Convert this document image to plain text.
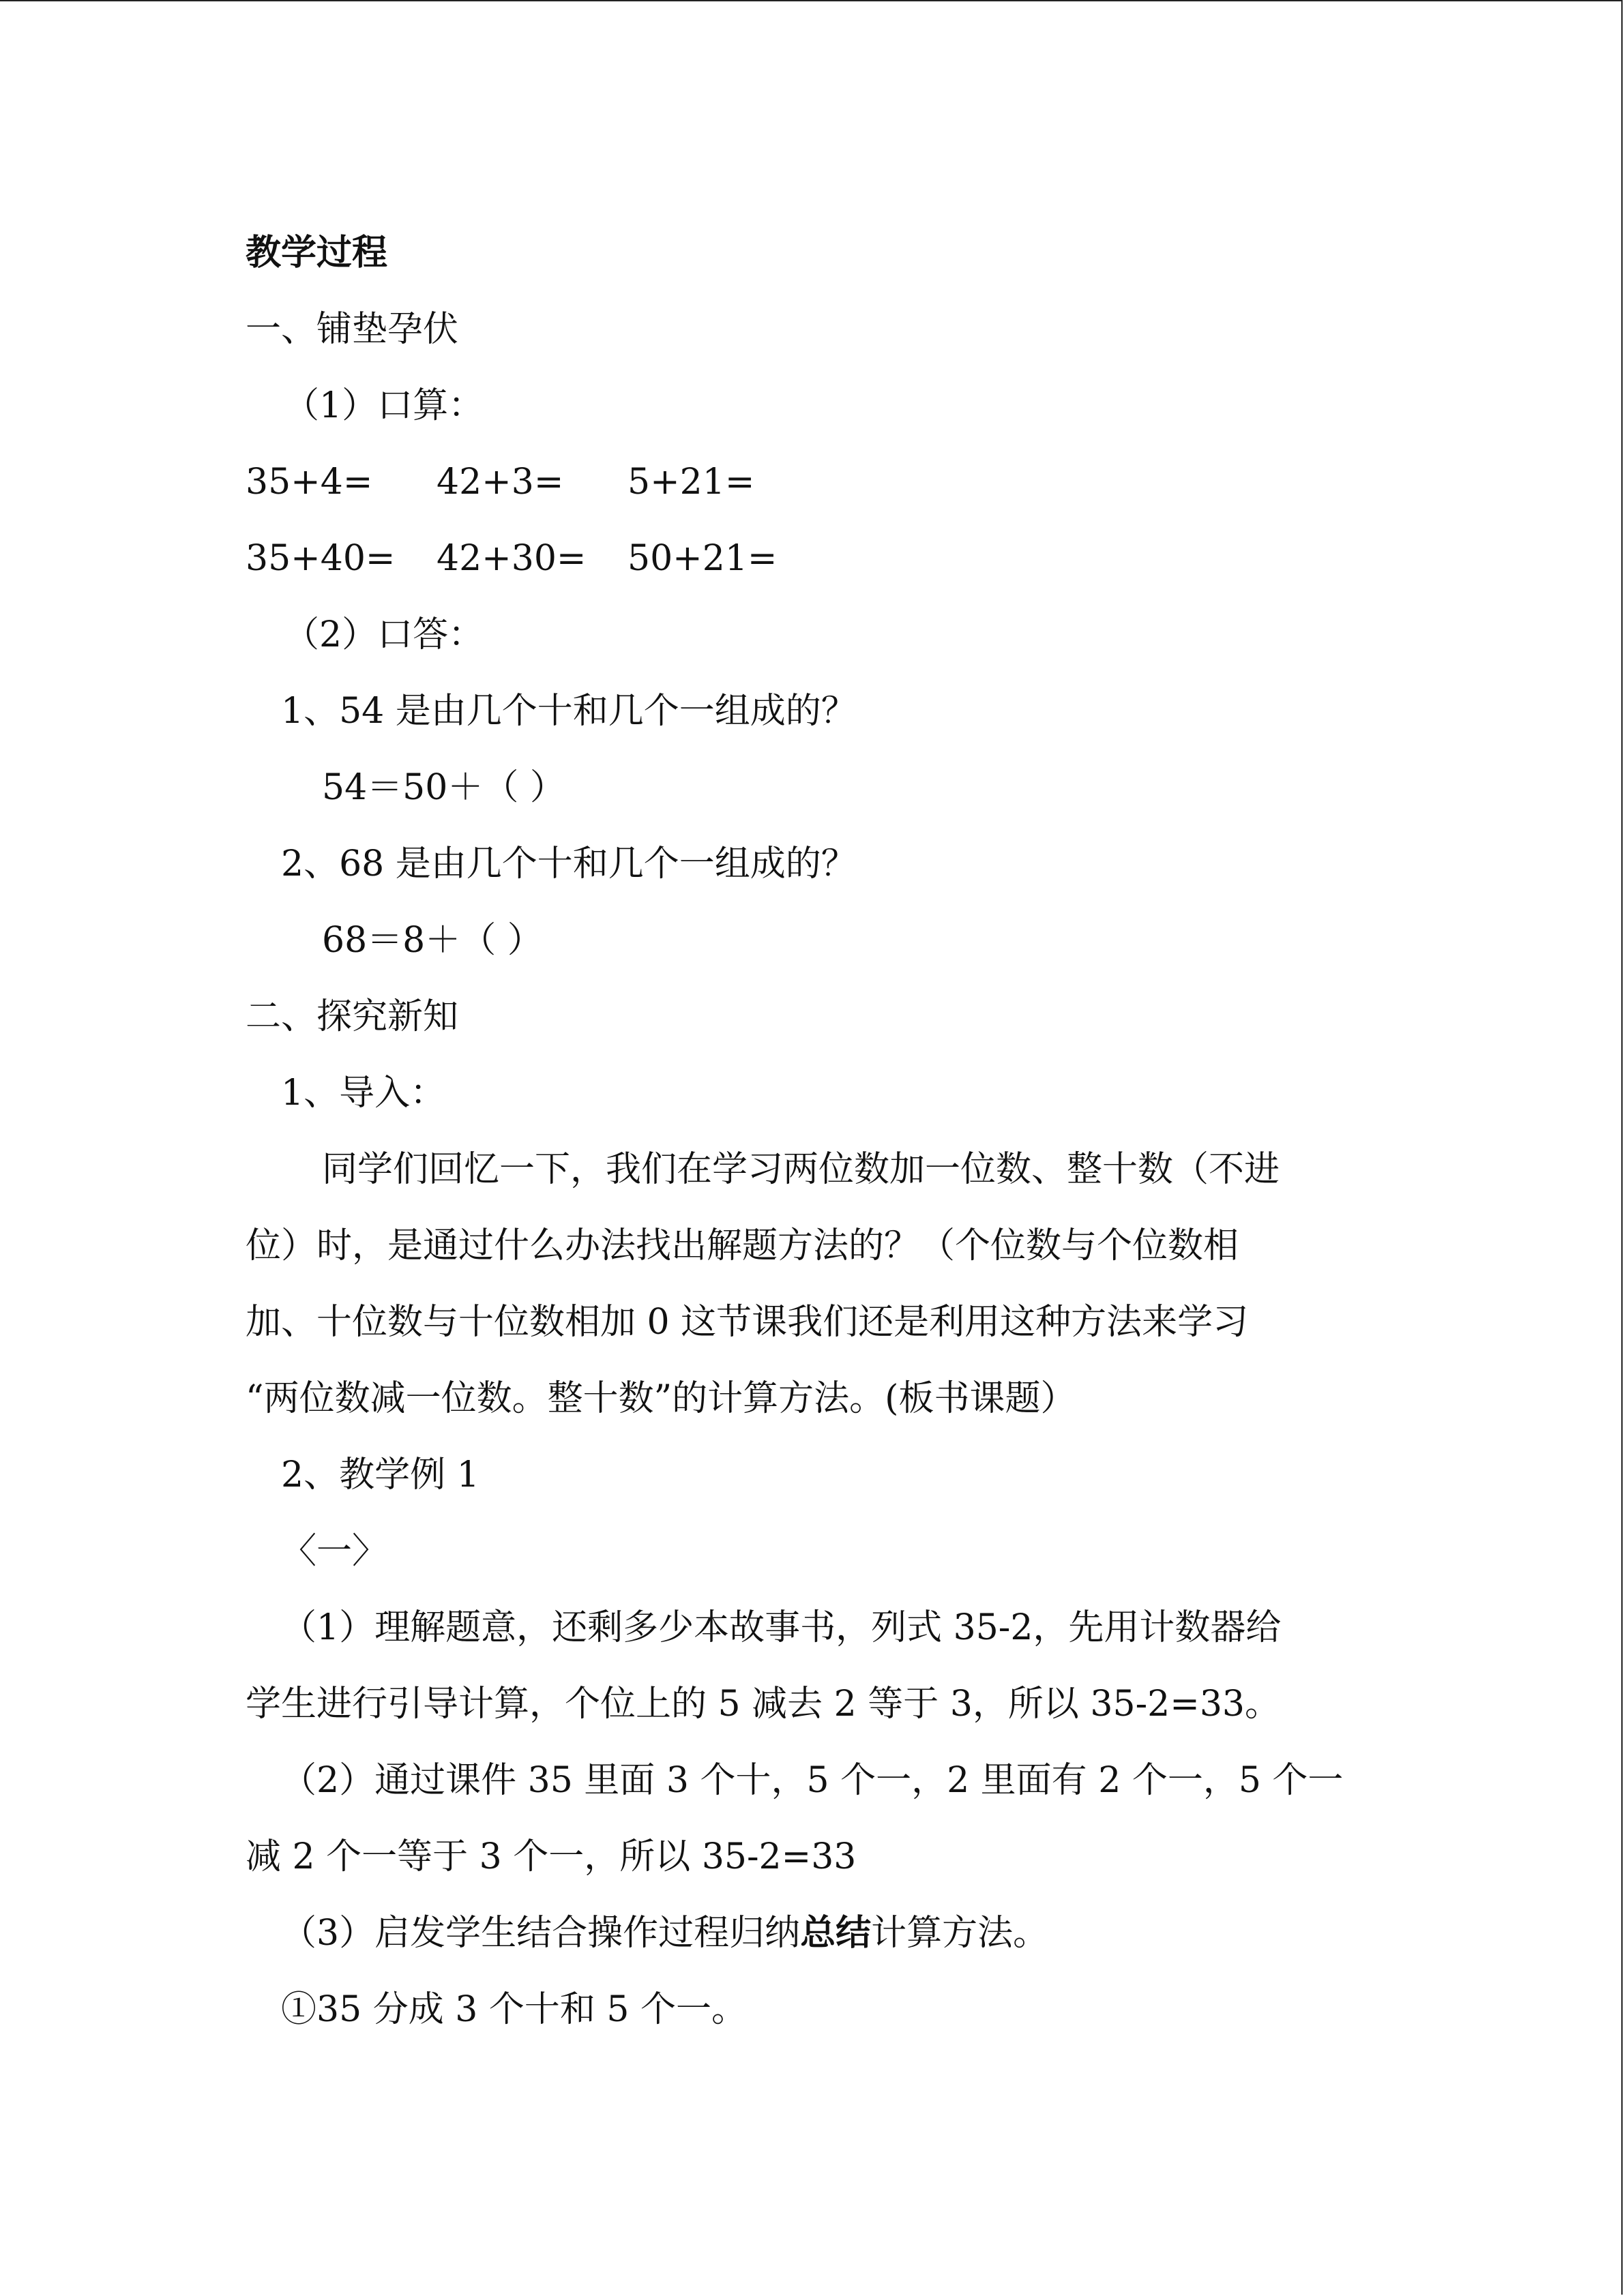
教学过程
一、铺垫孕伏
（1）口算：
35+4=	42+3=	5+21=
35+40=	42+30=	50+21=
（2）口答：
1、54 是由几个十和几个一组成的？
54＝50＋（ ）
2、68 是由几个十和几个一组成的？
68＝8＋（ ）
二、探究新知
1、导入：
同学们回忆一下，我们在学习两位数加一位数、整十数（不进
位）时，是通过什么办法找出解题方法的？（个位数与个位数相
加、十位数与十位数相加 0 这节课我们还是利用这种方法来学习
“两位数减一位数。整十数”的计算方法。(板书课题）
2、教学例 1
〈一〉
（1）理解题意，还剩多少本故事书，列式 35-2，先用计数器给
学生进行引导计算，个位上的 5 减去 2 等于 3，所以 35-2=33。
（2）通过课件 35 里面 3 个十，5 个一，2 里面有 2 个一，5 个一
减 2 个一等于 3 个一，所以 35-2=33
（3）启发学生结合操作过程归纳总结计算方法。
①35 分成 3 个十和 5 个一。
